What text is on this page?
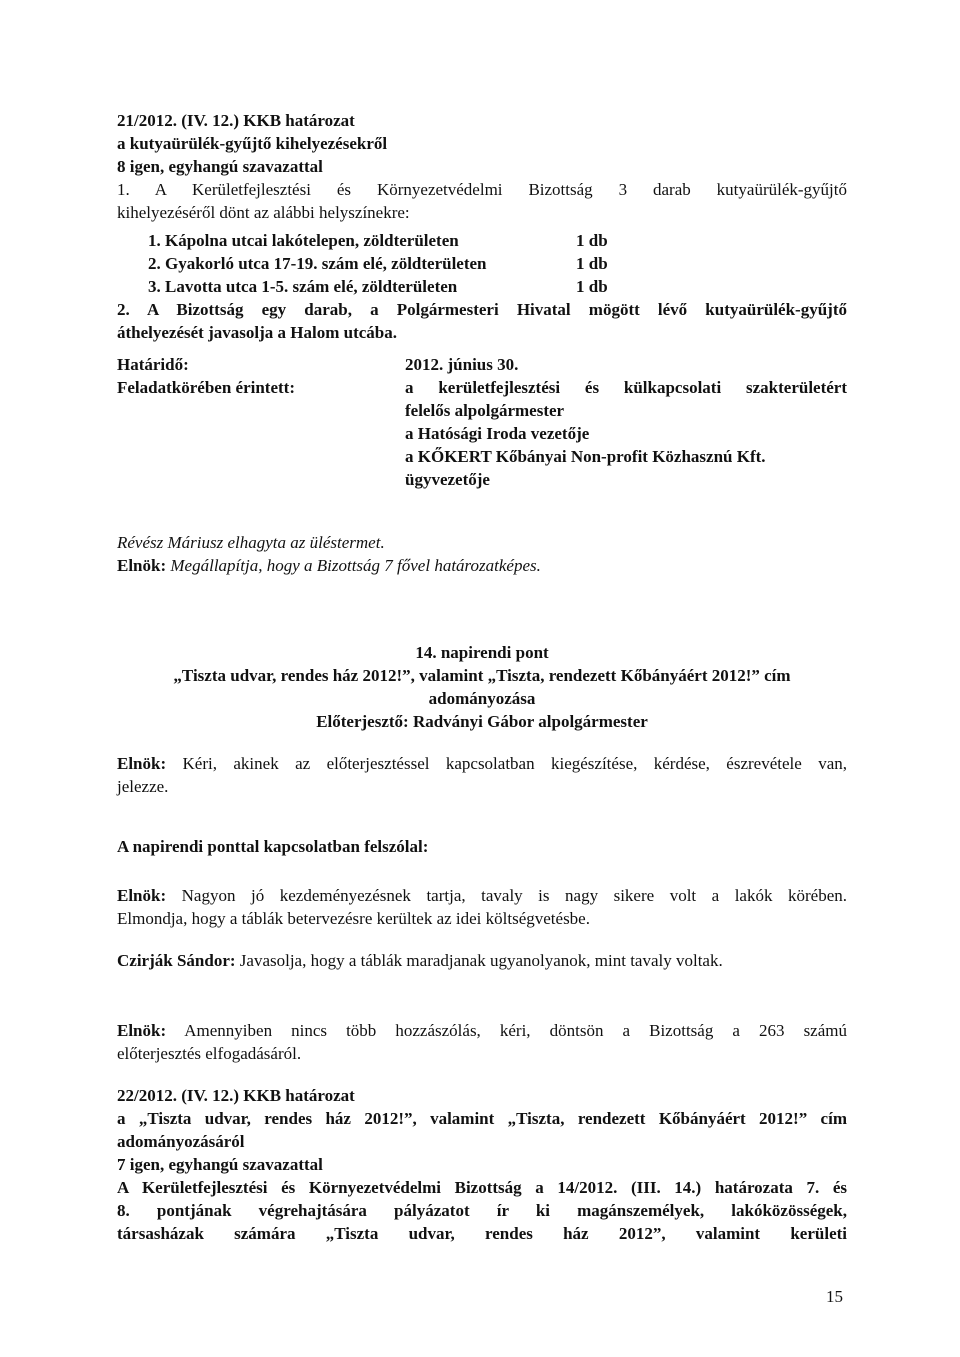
21/2012. (IV. 12.) KKB határozat
a kutyaürülék-gyűjtő kihelyezésekről
8 igen, egyhangú szavazattal
1. A Kerületfejlesztési és Környezetvédelmi Bizottság 3 darab kutyaürülék-gyűjtő
kihelyezéséről dönt az alábbi helyszínekre:
1. Kápolna utcai lakótelepen, zöldterületen	1 db
2. Gyakorló utca 17-19. szám elé, zöldterületen	1 db
3. Lavotta utca 1-5. szám elé, zöldterületen	1 db
2. A Bizottság egy darab, a Polgármesteri Hivatal mögött lévő kutyaürülék-gyűjtő
áthelyezését javasolja a Halom utcába.
Határidő:	2012. június 30.
Feladatkörében érintett:	a kerületfejlesztési és külkapcsolati szakterületért
felelős alpolgármester
a Hatósági Iroda vezetője
a KŐKERT Kőbányai Non-profit Közhasznú Kft.
ügyvezetője
Révész Máriusz elhagyta az üléstermet.
Elnök: Megállapítja, hogy a Bizottság 7 fővel határozatképes.
14. napirendi pont
„Tiszta udvar, rendes ház 2012!”, valamint „Tiszta, rendezett Kőbányáért 2012!” cím
adományozása
Előterjesztő: Radványi Gábor alpolgármester
Elnök: Kéri, akinek az előterjesztéssel kapcsolatban kiegészítése, kérdése, észrevétele van,
jelezze.
A napirendi ponttal kapcsolatban felszólal:
Elnök: Nagyon jó kezdeményezésnek tartja, tavaly is nagy sikere volt a lakók körében.
Elmondja, hogy a táblák betervezésre kerültek az idei költségvetésbe.
Czirják Sándor: Javasolja, hogy a táblák maradjanak ugyanolyanok, mint tavaly voltak.
Elnök: Amennyiben nincs több hozzászólás, kéri, döntsön a Bizottság a 263 számú
előterjesztés elfogadásáról.
22/2012. (IV. 12.) KKB határozat
a „Tiszta udvar, rendes ház 2012!”, valamint „Tiszta, rendezett Kőbányáért 2012!” cím
adományozásáról
7 igen, egyhangú szavazattal
A Kerületfejlesztési és Környezetvédelmi Bizottság a 14/2012. (III. 14.) határozata 7. és
8. pontjának végrehajtására pályázatot ír ki magánszemélyek, lakóközösségek,
társasházak számára „Tiszta udvar, rendes ház 2012”, valamint kerületi
15
